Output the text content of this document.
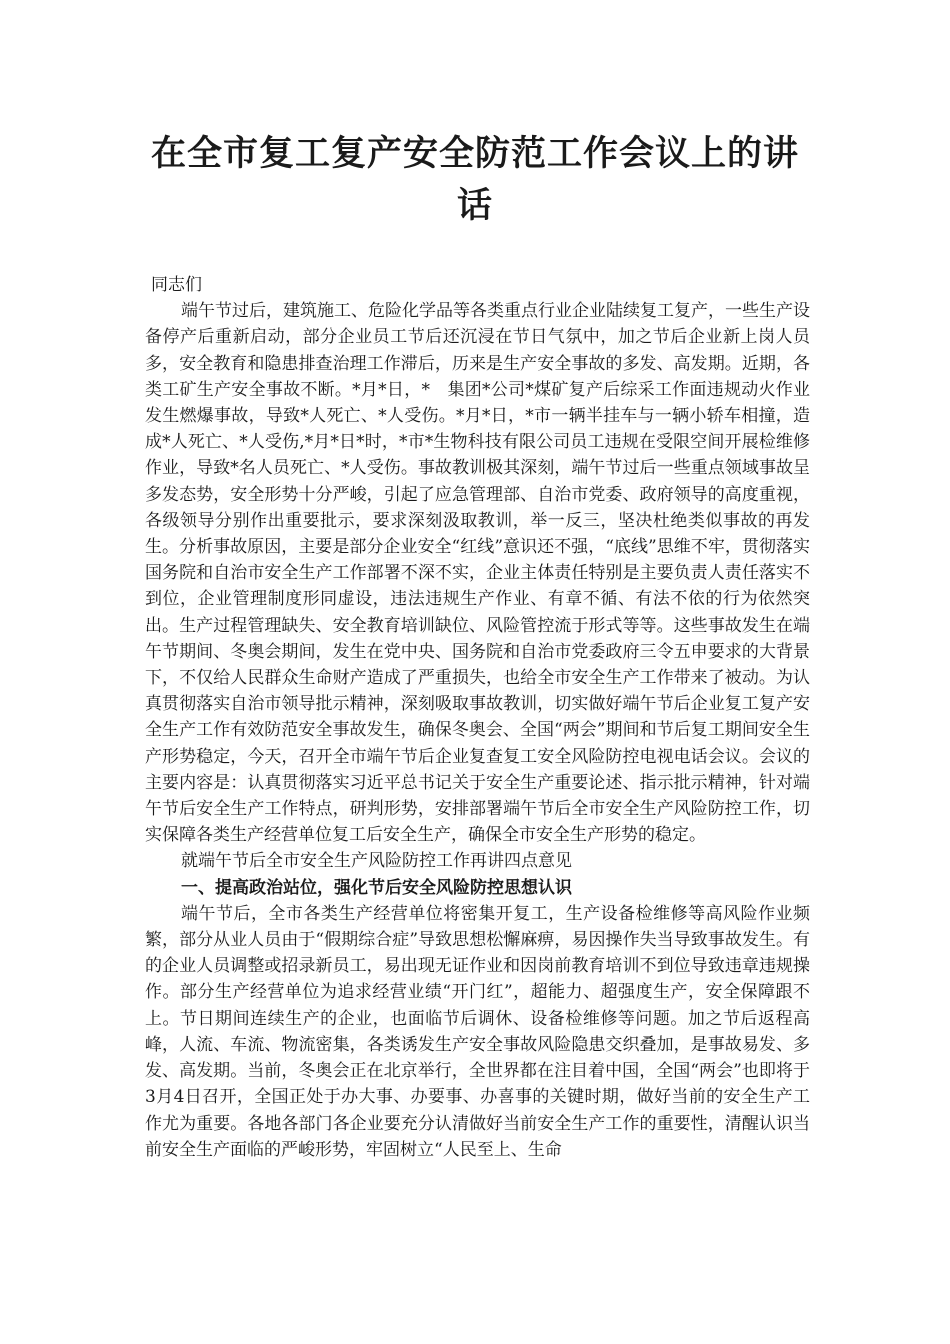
在全市复工复产安全防范工作会议上的讲话

同志们

端午节过后，建筑施工、危险化学品等各类重点行业企业陆续复工复产，一些生产设备停产后重新启动，部分企业员工节后还沉浸在节日气氛中，加之节后企业新上岗人员多，安全教育和隐患排查治理工作滞后，历来是生产安全事故的多发、高发期。近期，各类工矿生产安全事故不断。*月*日，*　集团*公司*煤矿复产后综采工作面违规动火作业发生燃爆事故，导致*人死亡、*人受伤。*月*日，*市一辆半挂车与一辆小轿车相撞，造成*人死亡、*人受伤,*月*日*时，*市*生物科技有限公司员工违规在受限空间开展检维修作业，导致*名人员死亡、*人受伤。事故教训极其深刻，端午节过后一些重点领域事故呈多发态势，安全形势十分严峻，引起了应急管理部、自治市党委、政府领导的高度重视，各级领导分别作出重要批示，要求深刻汲取教训，举一反三，坚决杜绝类似事故的再发生。分析事故原因，主要是部分企业安全“红线”意识还不强，“底线”思维不牢，贯彻落实国务院和自治市安全生产工作部署不深不实，企业主体责任特别是主要负责人责任落实不到位，企业管理制度形同虚设，违法违规生产作业、有章不循、有法不依的行为依然突出。生产过程管理缺失、安全教育培训缺位、风险管控流于形式等等。这些事故发生在端午节期间、冬奥会期间，发生在党中央、国务院和自治市党委政府三令五申要求的大背景下，不仅给人民群众生命财产造成了严重损失，也给全市安全生产工作带来了被动。为认真贯彻落实自治市领导批示精神，深刻吸取事故教训，切实做好端午节后企业复工复产安全生产工作有效防范安全事故发生，确保冬奥会、全国“两会”期间和节后复工期间安全生产形势稳定，今天，召开全市端午节后企业复查复工安全风险防控电视电话会议。会议的主要内容是：认真贯彻落实习近平总书记关于安全生产重要论述、指示批示精神，针对端午节后安全生产工作特点，研判形势，安排部署端午节后全市安全生产风险防控工作，切实保障各类生产经营单位复工后安全生产，确保全市安全生产形势的稳定。

就端午节后全市安全生产风险防控工作再讲四点意见

一、提高政治站位，强化节后安全风险防控思想认识

端午节后，全市各类生产经营单位将密集开复工，生产设备检维修等高风险作业频繁，部分从业人员由于“假期综合症”导致思想松懈麻痹，易因操作失当导致事故发生。有的企业人员调整或招录新员工，易出现无证作业和因岗前教育培训不到位导致违章违规操作。部分生产经营单位为追求经营业绩“开门红”，超能力、超强度生产，安全保障跟不上。节日期间连续生产的企业，也面临节后调休、设备检维修等问题。加之节后返程高峰，人流、车流、物流密集，各类诱发生产安全事故风险隐患交织叠加，是事故易发、多发、高发期。当前，冬奥会正在北京举行，全世界都在注目着中国，全国“两会”也即将于3月4日召开，全国正处于办大事、办要事、办喜事的关键时期，做好当前的安全生产工作尤为重要。各地各部门各企业要充分认清做好当前安全生产工作的重要性，清醒认识当前安全生产面临的严峻形势，牢固树立“人民至上、生命
